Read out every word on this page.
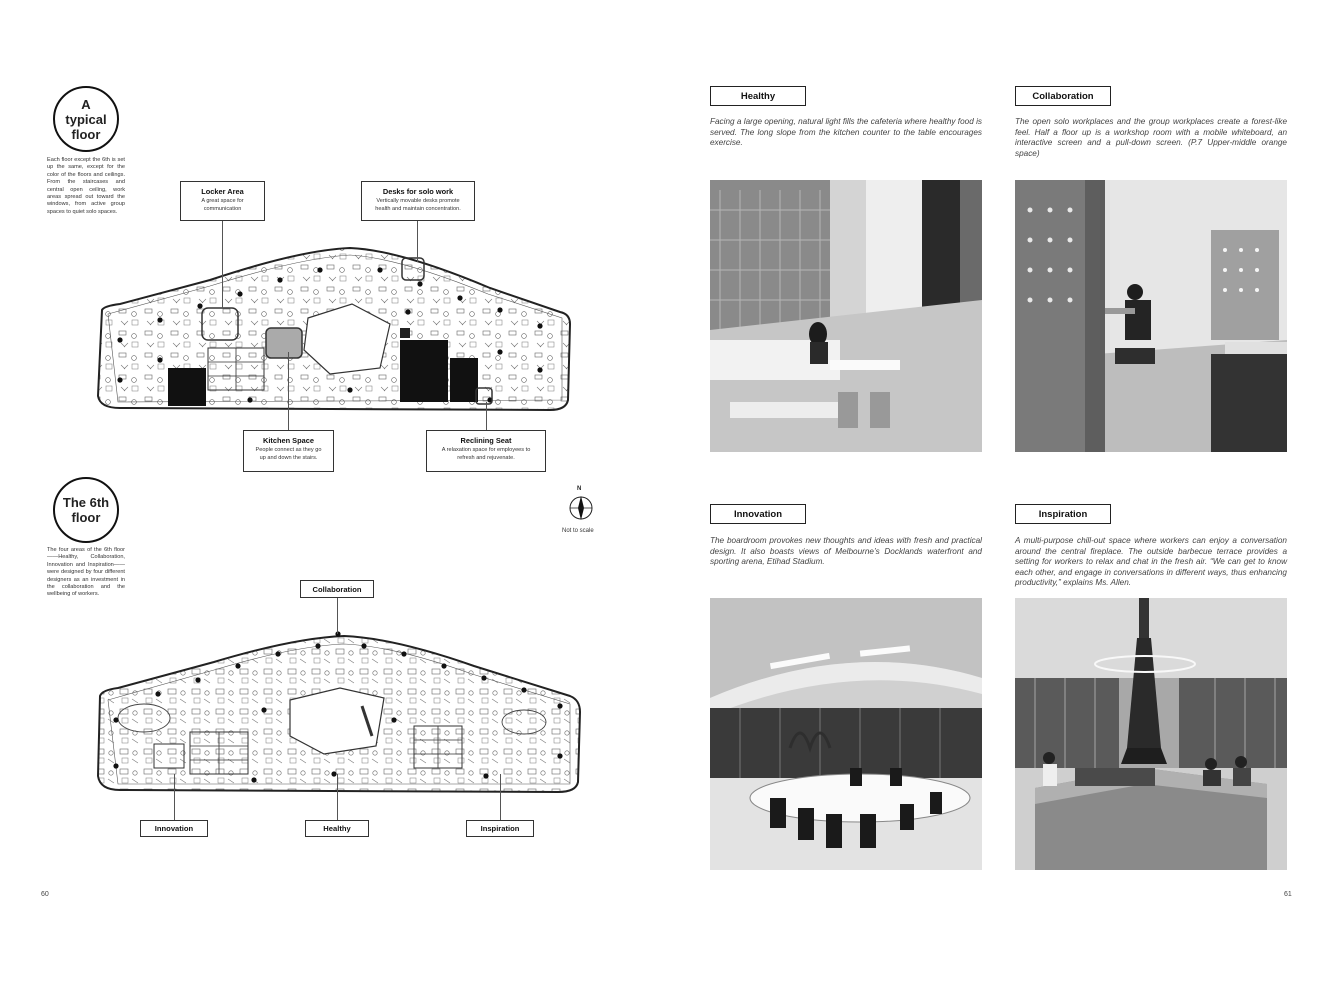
A
typical
floor
Each floor except the 6th is set up the same, except for the color of the floors and ceilings. From the staircases and central open ceiling, work areas spread out toward the windows, from active group spaces to quiet solo spaces.
Locker Area
A great space for communication
Desks for solo work
Vertically movable desks promote health and maintain concentration.
Kitchen Space
People connect as they go up and down the stairs.
Reclining Seat
A relaxation space for employees to refresh and rejuvenate.
The 6th
floor
The four areas of the 6th floor——Healthy, Collaboration, Innovation and Inspiration——were designed by four different designers as an investment in the collaboration and the wellbeing of workers.
N
Not to scale
Collaboration
Innovation	Healthy	Inspiration
60
Healthy
Facing a large opening, natural light fills the cafeteria where healthy food is served. The long slope from the kitchen counter to the table encourages exercise.
Collaboration
The open solo workplaces and the group workplaces create a forest-like feel. Half a floor up is a workshop room with a mobile whiteboard, an interactive screen and a pull-down screen. (P.7 Upper-middle orange space)
Innovation
The boardroom provokes new thoughts and ideas with fresh and practical design. It also boasts views of Melbourne’s Docklands waterfront and sporting arena, Etihad Stadium.
Inspiration
A multi-purpose chill-out space where workers can enjoy a conversation around the central fireplace. The outside barbecue terrace provides a setting for workers to relax and chat in the fresh air. “We can get to know each other, and engage in conversations in different ways, thus enhancing productivity,” explains Ms. Allen.
61
